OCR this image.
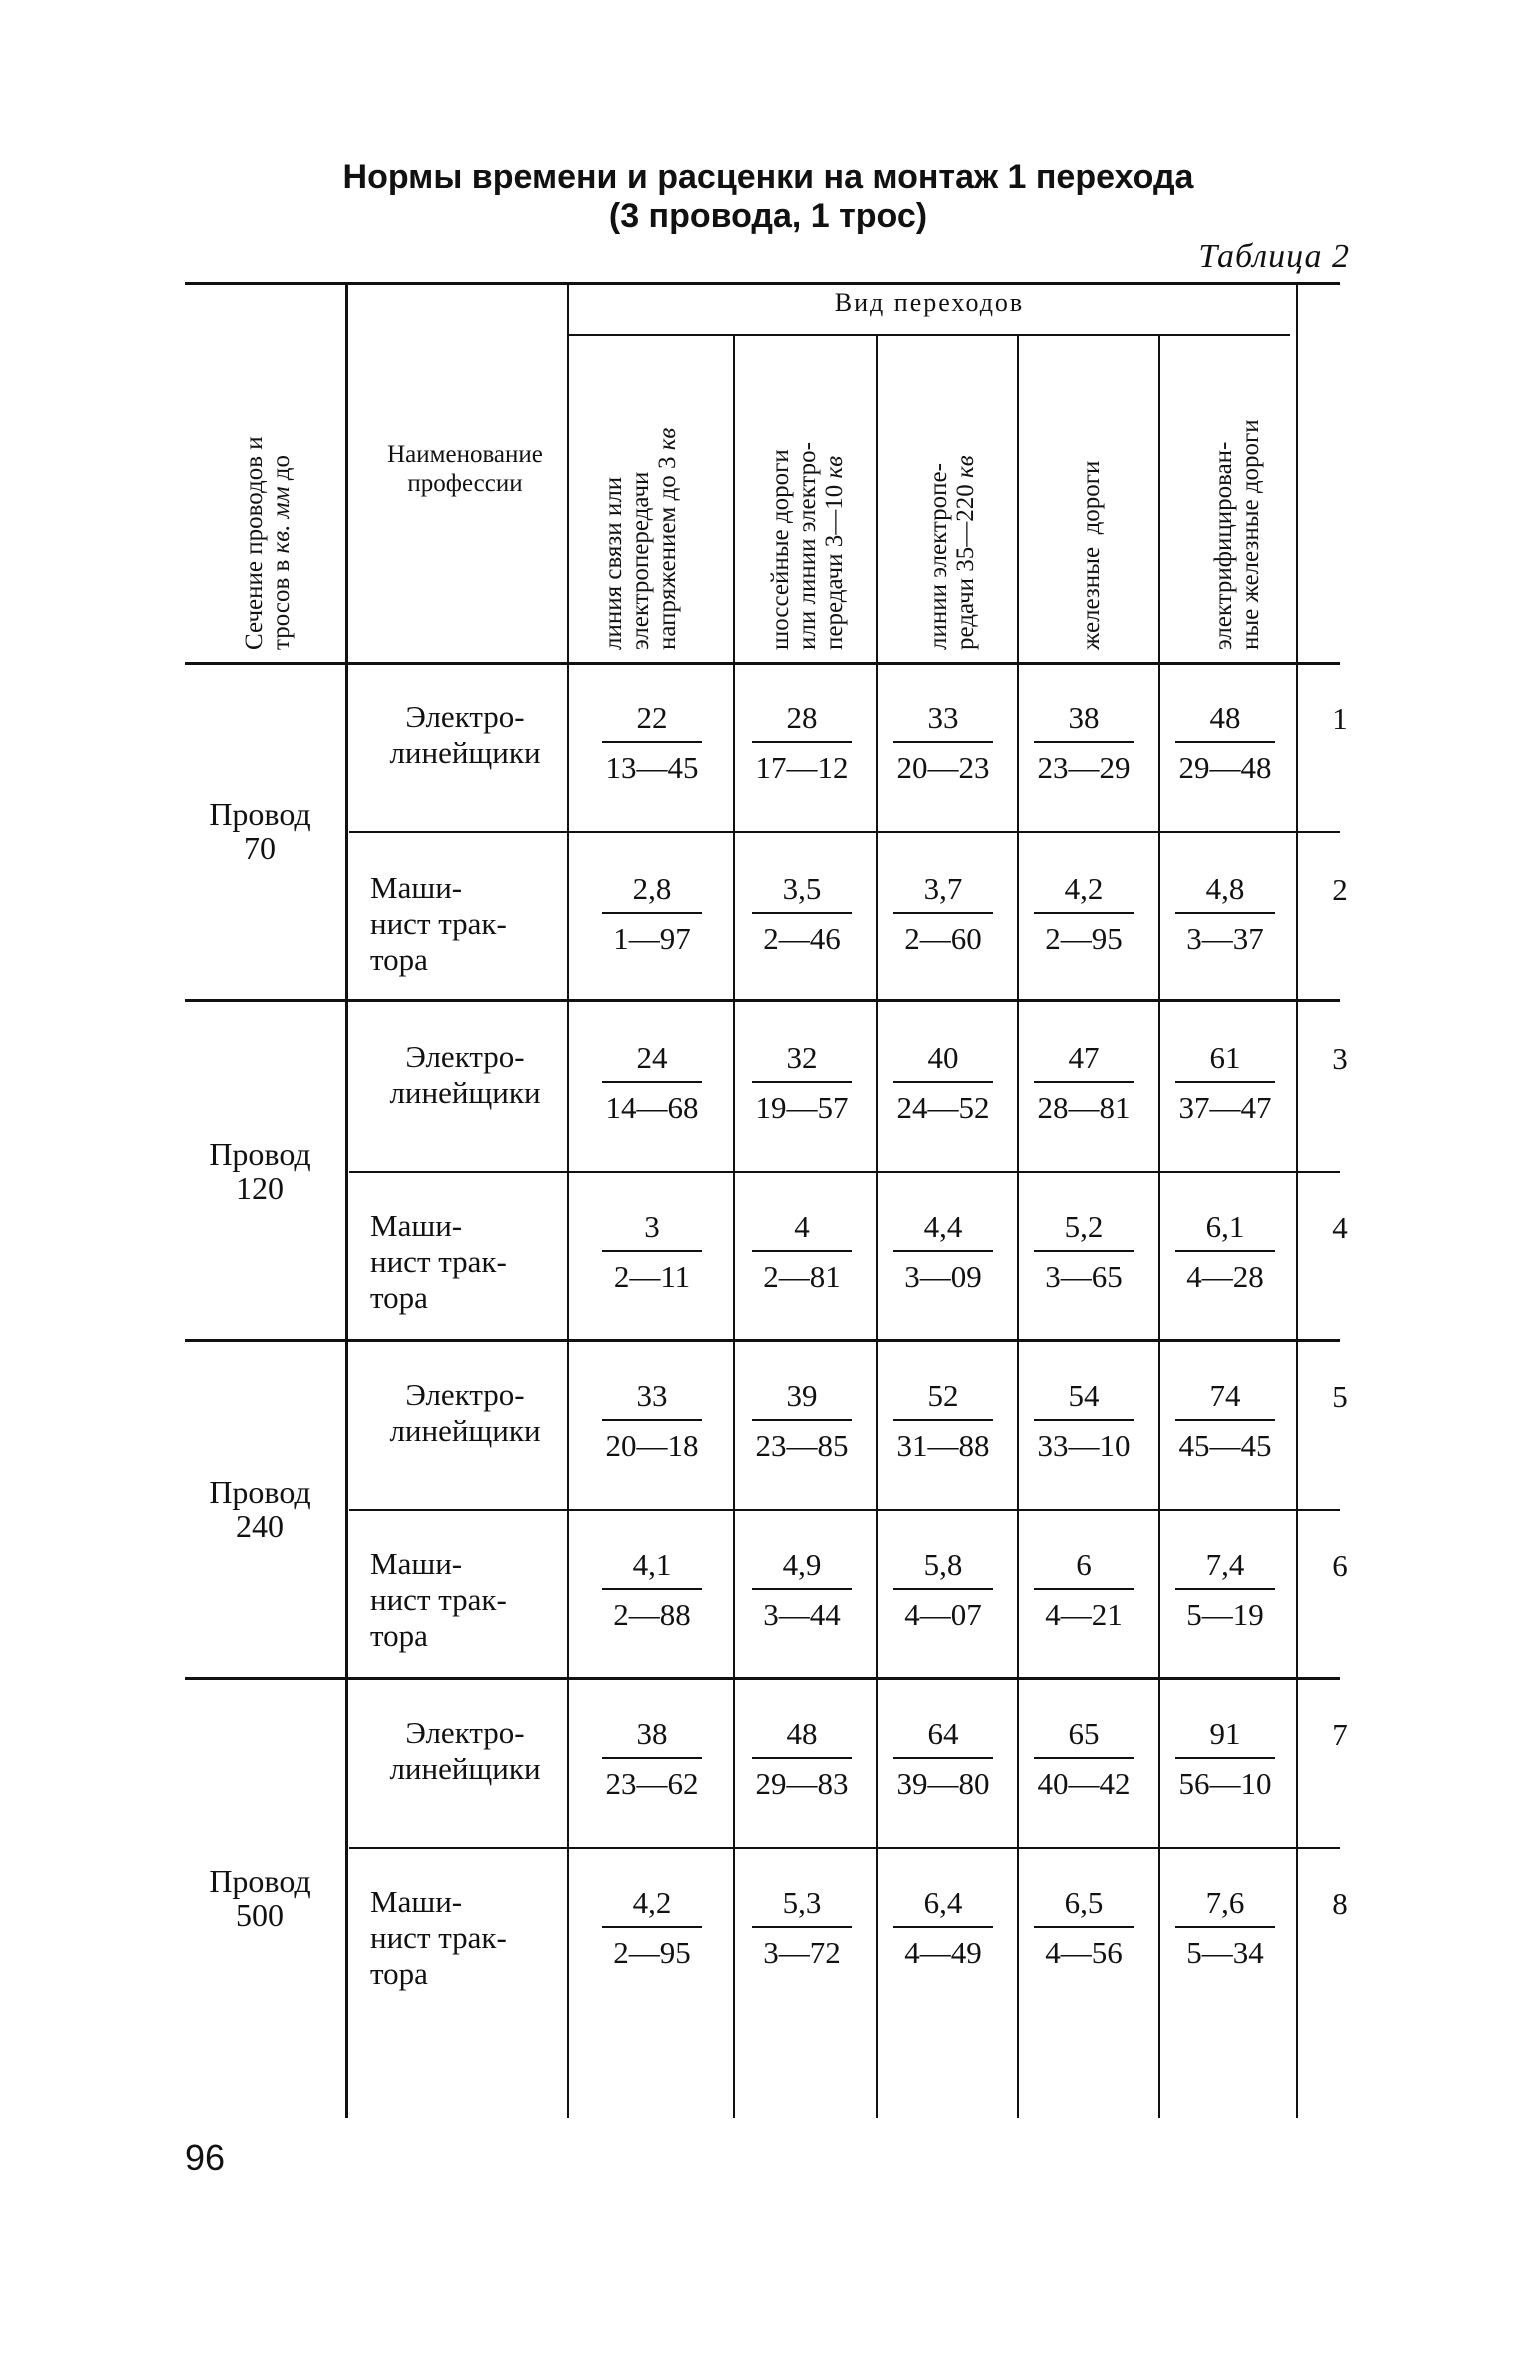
Нормы времени и расценки на монтаж 1 перехода
(3 провода, 1 трос)
Таблица 2
Сечение проводов и
тросов в кв. мм до
Наименование профессии
Вид переходов
линия связи или
электропередачи
напряжением до 3 кв
шоссейные дороги
или линии электро-
передачи 3—10 кв
линии электропе-
редачи 35—220 кв	железные  дороги	электрифицирован-
ные железные дороги
Провод
70
Электро-
линейщики
22
13—45
28
17—12
33
20—23
38
23—29
48
29—48
1
Маши-
нист трак-
тора
2,8
1—97
3,5
2—46
3,7
2—60
4,2
2—95
4,8
3—37
2
Провод
120
Электро-
линейщики
24
14—68
32
19—57
40
24—52
47
28—81
61
37—47
3
Маши-
нист трак-
тора
3
2—11
4
2—81
4,4
3—09
5,2
3—65
6,1
4—28
4
Провод
240
Электро-
линейщики
33
20—18
39
23—85
52
31—88
54
33—10
74
45—45
5
Маши-
нист трак-
тора
4,1
2—88
4,9
3—44
5,8
4—07
6
4—21
7,4
5—19
6
Провод
500
Электро-
линейщики
38
23—62
48
29—83
64
39—80
65
40—42
91
56—10
7
Маши-
нист трак-
тора
4,2
2—95
5,3
3—72
6,4
4—49
6,5
4—56
7,6
5—34
8
96
